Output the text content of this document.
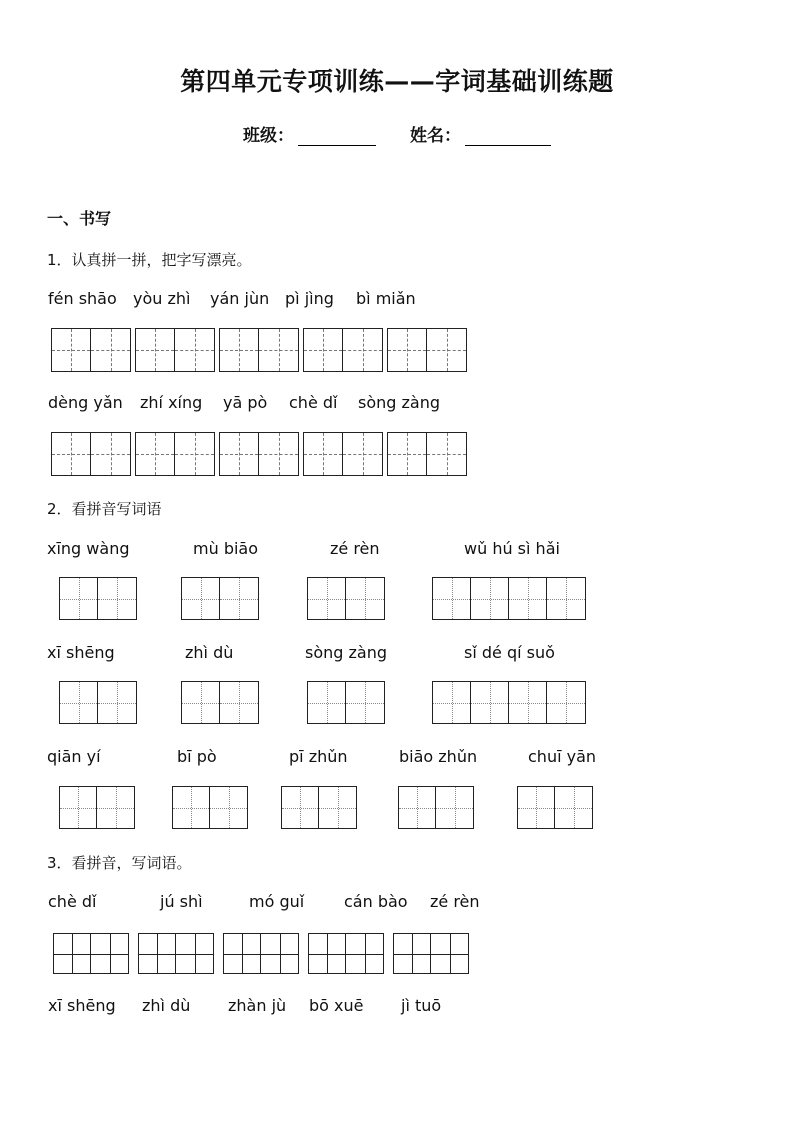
第四单元专项训练——字词基础训练题
班级：	姓名：
一、书写
1．认真拼一拼，把字写漂亮。
fén shāo yòu zhì yán jùn pì jìng bì miǎn
dèng yǎn zhí xíng yā pò chè dǐ sòng zàng
2．看拼音写词语
xīng wàng	mù biāo	zé rèn	wǔ hú sì hǎi
xī shēng	zhì dù	sòng zàng	sǐ dé qí suǒ
qiān yí	bī pò	pī zhǔn	biāo zhǔn	chuī yān
3．看拼音，写词语。
chè dǐ	jú shì	mó guǐ cán bào zé rèn
xī shēng zhì dù zhàn jù bō xuē jì tuō
